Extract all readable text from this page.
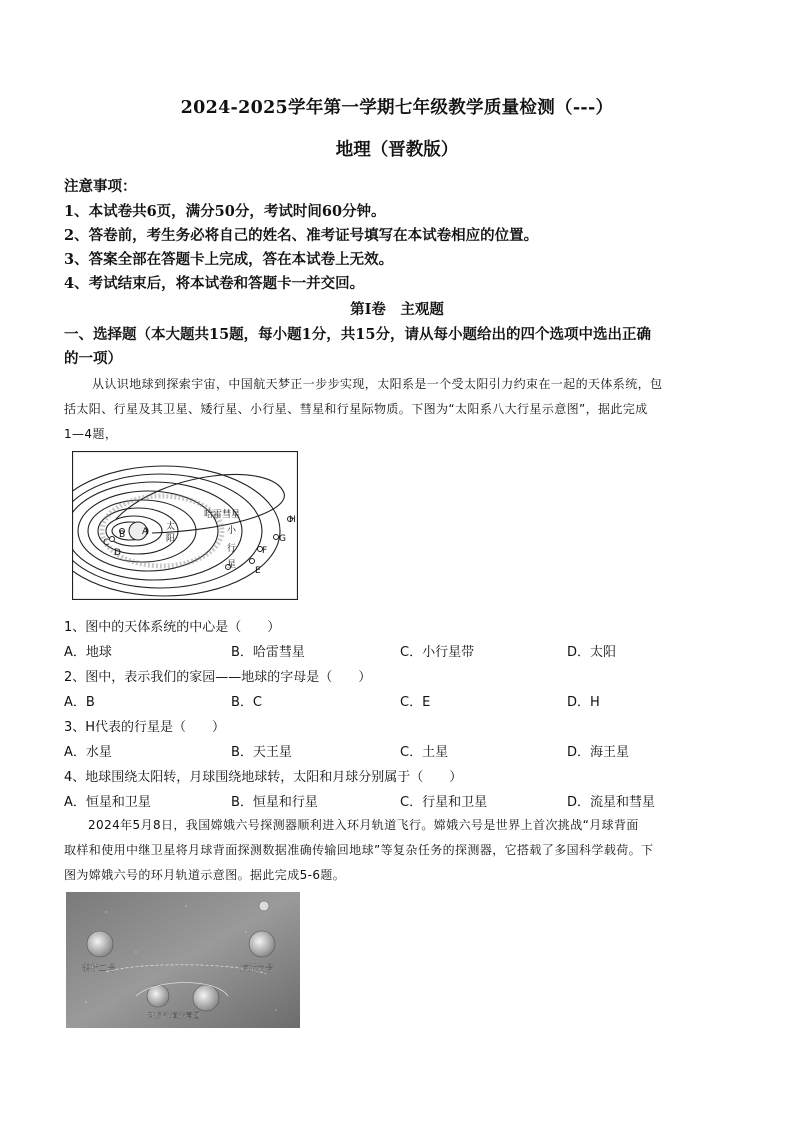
2024-2025学年第一学期七年级教学质量检测（---）
地理（晋教版）
注意事项：
1、本试卷共6页，满分50分，考试时间60分钟。
2、答卷前，考生务必将自己的姓名、准考证号填写在本试卷相应的位置。
3、答案全部在答题卡上完成，答在本试卷上无效。
4、考试结束后，将本试卷和答题卡一并交回。
第Ⅰ卷　主观题
一、选择题（本大题共15题，每小题1分，共15分，请从每小题给出的四个选项中选出正确
的一项）
从认识地球到探索宇宙，中国航天梦正一步步实现，太阳系是一个受太阳引力约束在一起的天体系统，包
括太阳、行星及其卫星、矮行星、小行星、彗星和行星际物质。下图为“太阳系八大行星示意图”，据此完成
1—4题，
哈雷彗星
太
阳
小
行
星
A
B
C
D
E
F
G
H
1、图中的天体系统的中心是（　　）
A．地球	B．哈雷彗星	C．小行星带	D．太阳
2、图中，表示我们的家园——地球的字母是（　　）
A．B	B．C	C．E	D．H
3、H代表的行星是（　　）
A．水星	B．天王星	C．土星	D．海王星
4、地球围绕太阳转，月球围绕地球转，太阳和月球分别属于（　　）
A．恒星和卫星	B．恒星和行星	C．行星和卫星	D．流星和彗星
2024年5月8日，我国嫦娥六号探测器顺利进入环月轨道飞行。嫦娥六号是世界上首次挑战“月球背面
取样和使用中继卫星将月球背面探测数据准确传输回地球”等复杂任务的探测器，它搭载了多国科学载荷。下
图为嫦娥六号的环月轨道示意图。据此完成5-6题。
鹊桥二号	嫦娥六号
环月轨道示意图
